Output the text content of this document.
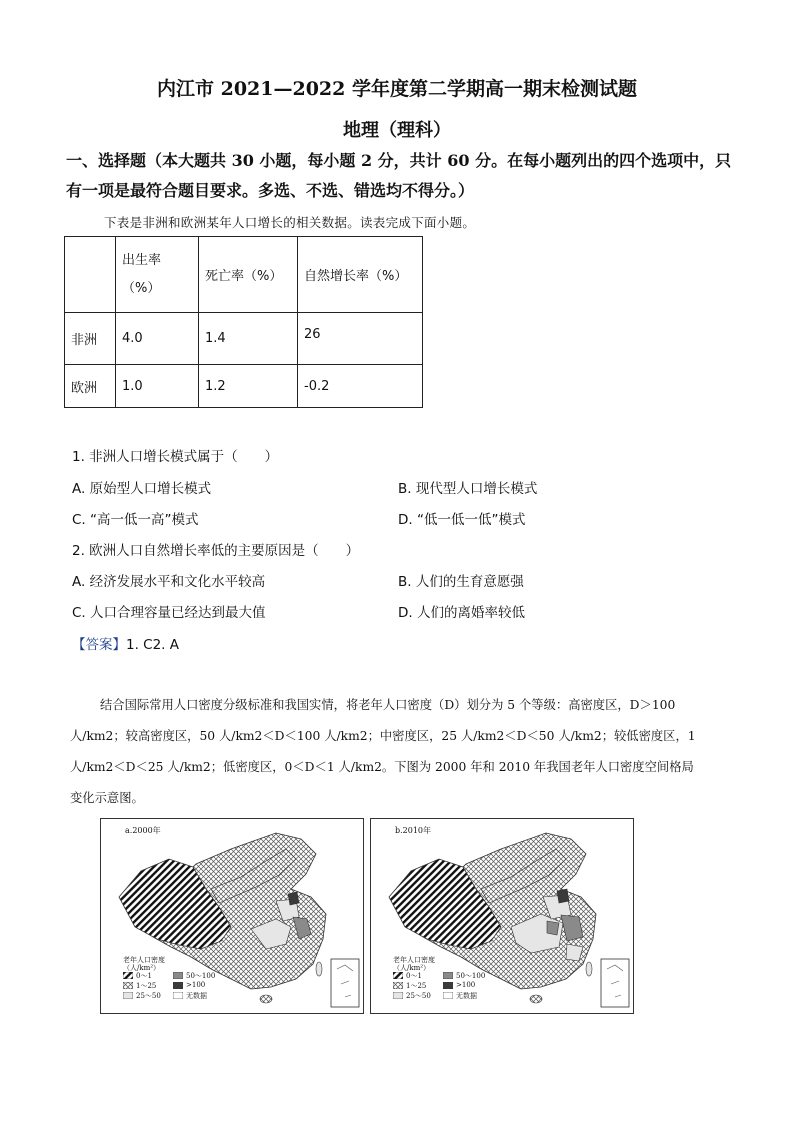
内江市 2021—2022 学年度第二学期高一期末检测试题
地理（理科）
一、选择题（本大题共 30 小题，每小题 2 分，共计 60 分。在每小题列出的四个选项中，只
有一项是最符合题目要求。多选、不选、错选均不得分。）
下表是非洲和欧洲某年人口增长的相关数据。读表完成下面小题。

	出生率
（%）	死亡率（%）	自然增长率（%）
非洲	4.0	1.4	26
欧洲	1.0	1.2	-0.2
1. 非洲人口增长模式属于（　　）
A. 原始型人口增长模式	B. 现代型人口增长模式
C. “高一低一高”模式	D. “低一低一低”模式
2. 欧洲人口自然增长率低的主要原因是（　　）
A. 经济发展水平和文化水平较高	B. 人们的生育意愿强
C. 人口合理容量已经达到最大值	D. 人们的离婚率较低
【答案】1. C2. A
结合国际常用人口密度分级标准和我国实情，将老年人口密度（D）划分为 5 个等级：高密度区，D＞100
人/km2；较高密度区，50 人/km2＜D＜100 人/km2；中密度区，25 人/km2＜D＜50 人/km2；较低密度区，1
人/km2＜D＜25 人/km2；低密度区，0＜D＜1 人/km2。下图为 2000 年和 2010 年我国老年人口密度空间格局
变化示意图。
a.2000年
老年人口密度
（人/km²）
0～1	50～100
1～25	>100
25～50	无数据
b.2010年
老年人口密度
（人/km²）
0～1	50～100
1～25	>100
25～50	无数据
